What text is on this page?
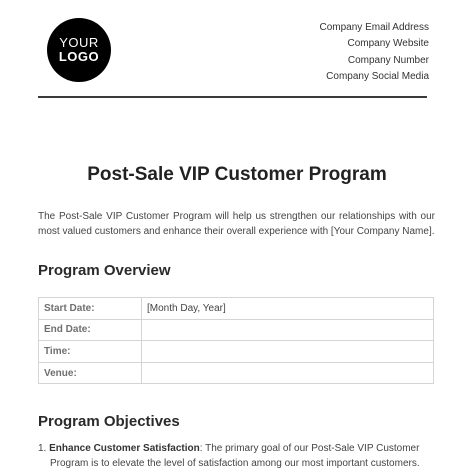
YOUR
LOGO
Company Email Address
Company Website
Company Number
Company Social Media
Post-Sale VIP Customer Program

The Post-Sale VIP Customer Program will help us strengthen our relationships with our most valued customers and enhance their overall experience with [Your Company Name].

Program Overview
Start Date:	[Month Day, Year]
End Date:	
Time:	
Venue:	
Program Objectives
1. Enhance Customer Satisfaction: The primary goal of our Post-Sale VIP Customer
Program is to elevate the level of satisfaction among our most important customers.
